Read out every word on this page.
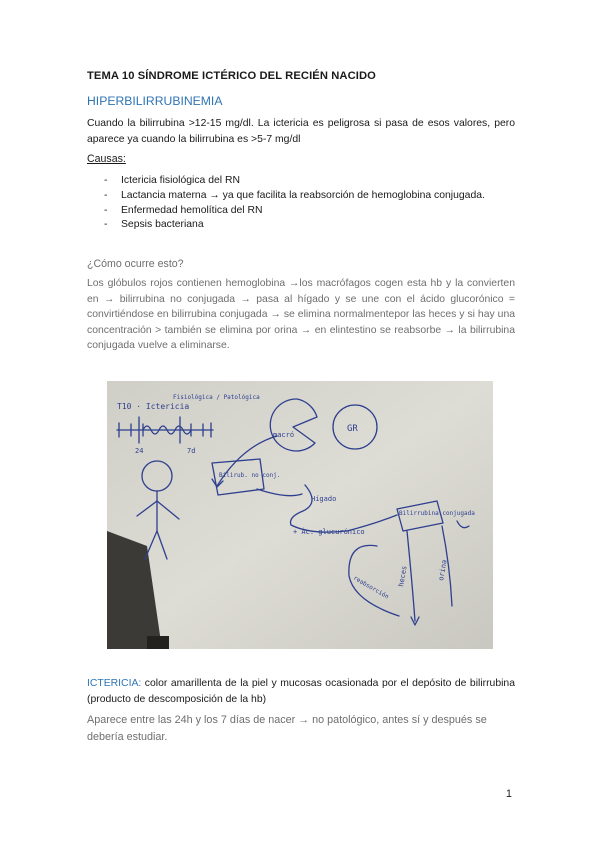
TEMA 10 SÍNDROME ICTÉRICO DEL RECIÉN NACIDO
HIPERBILIRRUBINEMIA
Cuando la bilirrubina >12-15 mg/dl. La ictericia es peligrosa si pasa de esos valores, pero aparece ya cuando la bilirrubina es >5-7 mg/dl
Causas:
- Ictericia fisiológica del RN
- Lactancia materna → ya que facilita la reabsorción de hemoglobina conjugada.
- Enfermedad hemolítica del RN
- Sepsis bacteriana
¿Cómo ocurre esto?
Los glóbulos rojos contienen hemoglobina →los macrófagos cogen esta hb y la convierten en → bilirrubina no conjugada → pasa al hígado y se une con el ácido glucorónico = convirtiéndose en bilirrubina conjugada → se elimina normalmentepor las heces y si hay una concentración > también se elimina por orina → en elintestino se reabsorbe → la bilirrubina conjugada vuelve a eliminarse.
T10 · Ictericia
Fisiológica / Patológica
24	7d
macró
GR
Bilirub. no conj.
Hígado
+ Ác. glucurónico
Bilirrubina conjugada
reabsorción heces	orina
ICTERICIA: color amarillenta de la piel y mucosas ocasionada por el depósito de bilirrubina (producto de descomposición de la hb)
Aparece entre las 24h y los 7 días de nacer → no patológico, antes sí y después se debería estudiar.
1
